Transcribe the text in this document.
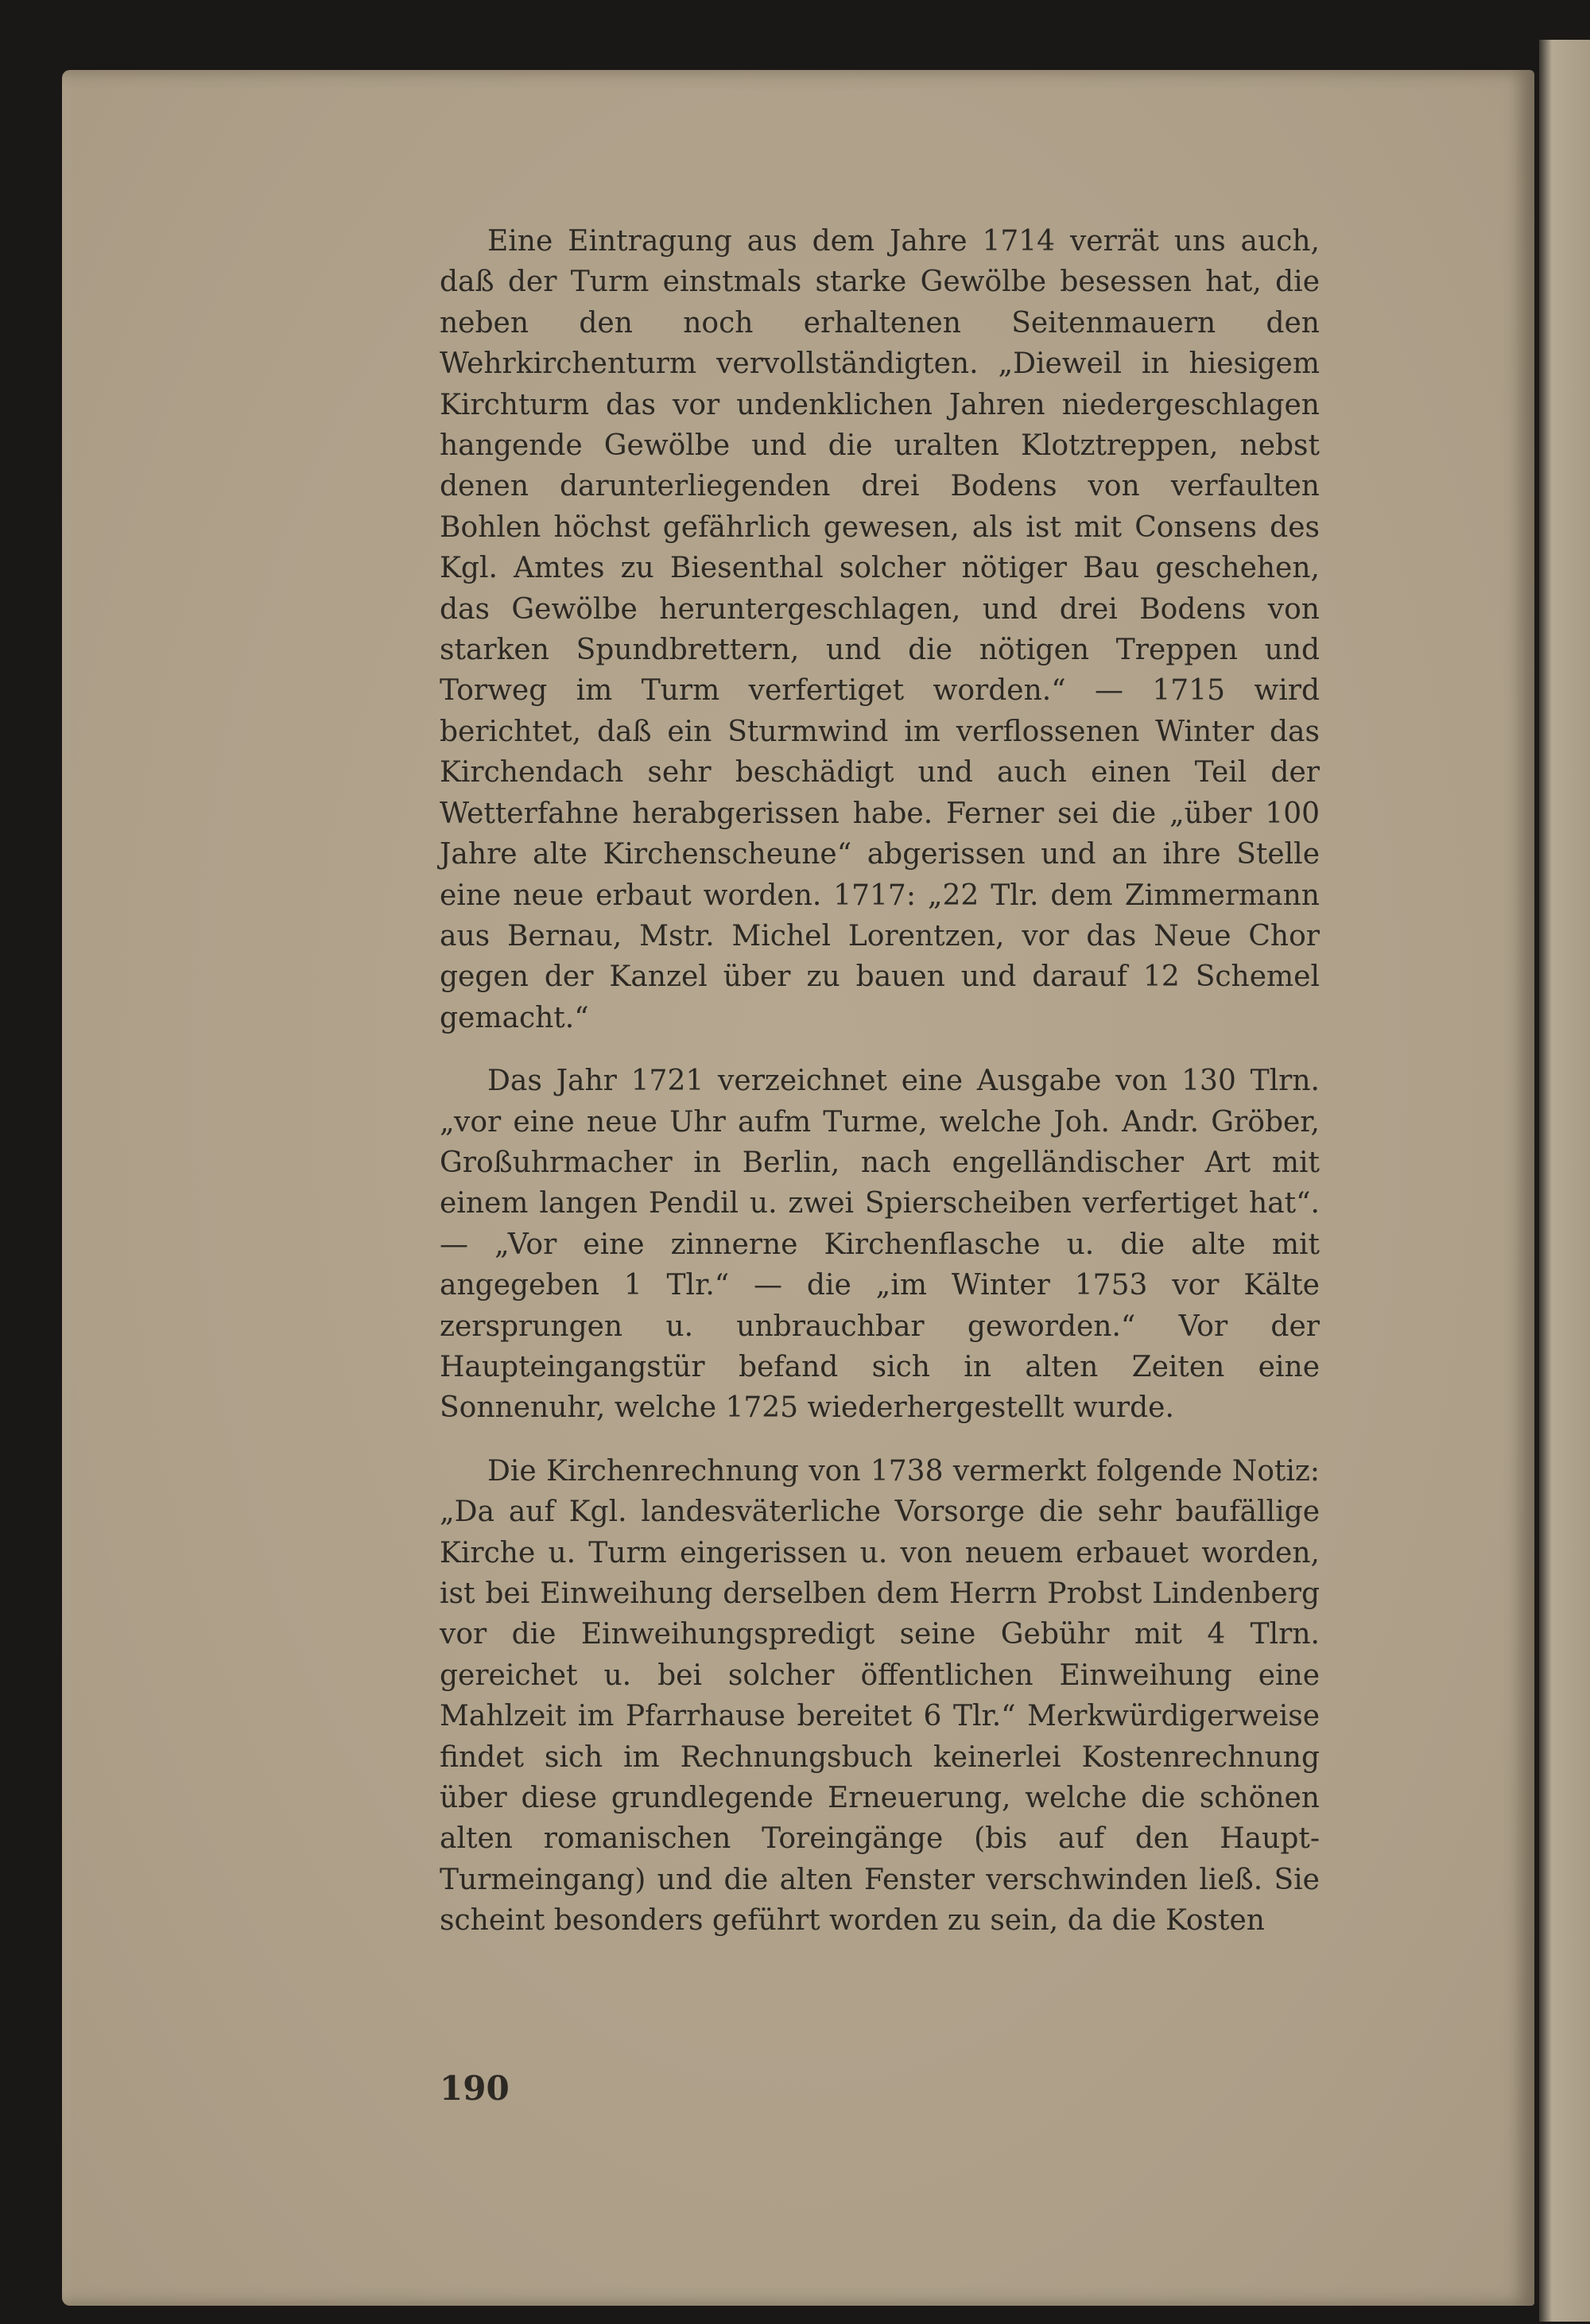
Eine Eintragung aus dem Jahre 1714 verrät uns auch, daß der Turm einstmals starke Gewölbe besessen hat, die neben den noch erhaltenen Seitenmauern den Wehrkirchenturm vervollständigten. „Dieweil in hiesigem Kirchturm das vor undenklichen Jahren niedergeschlagen hangende Gewölbe und die uralten Klotztreppen, nebst denen darunterliegenden drei Bodens von verfaulten Bohlen höchst gefährlich gewesen, als ist mit Consens des Kgl. Amtes zu Biesenthal solcher nötiger Bau geschehen, das Gewölbe heruntergeschlagen, und drei Bodens von starken Spundbrettern, und die nötigen Treppen und Torweg im Turm verfertiget worden.“ — 1715 wird berichtet, daß ein Sturmwind im verflossenen Winter das Kirchendach sehr beschädigt und auch einen Teil der Wetterfahne herabgerissen habe. Ferner sei die „über 100 Jahre alte Kirchenscheune“ abgerissen und an ihre Stelle eine neue erbaut worden. 1717: „22 Tlr. dem Zimmermann aus Bernau, Mstr. Michel Lorentzen, vor das Neue Chor gegen der Kanzel über zu bauen und darauf 12 Schemel gemacht.“

Das Jahr 1721 verzeichnet eine Ausgabe von 130 Tlrn. „vor eine neue Uhr aufm Turme, welche Joh. Andr. Gröber, Großuhrmacher in Berlin, nach engelländischer Art mit einem langen Pendil u. zwei Spierscheiben verfertiget hat“. — „Vor eine zinnerne Kirchenflasche u. die alte mit angegeben 1 Tlr.“ — die „im Winter 1753 vor Kälte zersprungen u. unbrauchbar geworden.“ Vor der Haupteingangstür befand sich in alten Zeiten eine Sonnenuhr, welche 1725 wiederhergestellt wurde.

Die Kirchenrechnung von 1738 vermerkt folgende Notiz: „Da auf Kgl. landesväterliche Vorsorge die sehr baufällige Kirche u. Turm eingerissen u. von neuem erbauet worden, ist bei Einweihung derselben dem Herrn Probst Lindenberg vor die Einweihungspredigt seine Gebühr mit 4 Tlrn. gereichet u. bei solcher öffentlichen Einweihung eine Mahlzeit im Pfarrhause bereitet 6 Tlr.“ Merkwürdigerweise findet sich im Rechnungsbuch keinerlei Kostenrechnung über diese grundlegende Erneuerung, welche die schönen alten romanischen Toreingänge (bis auf den Haupt-Turmeingang) und die alten Fenster verschwinden ließ. Sie scheint besonders geführt worden zu sein, da die Kosten

190
